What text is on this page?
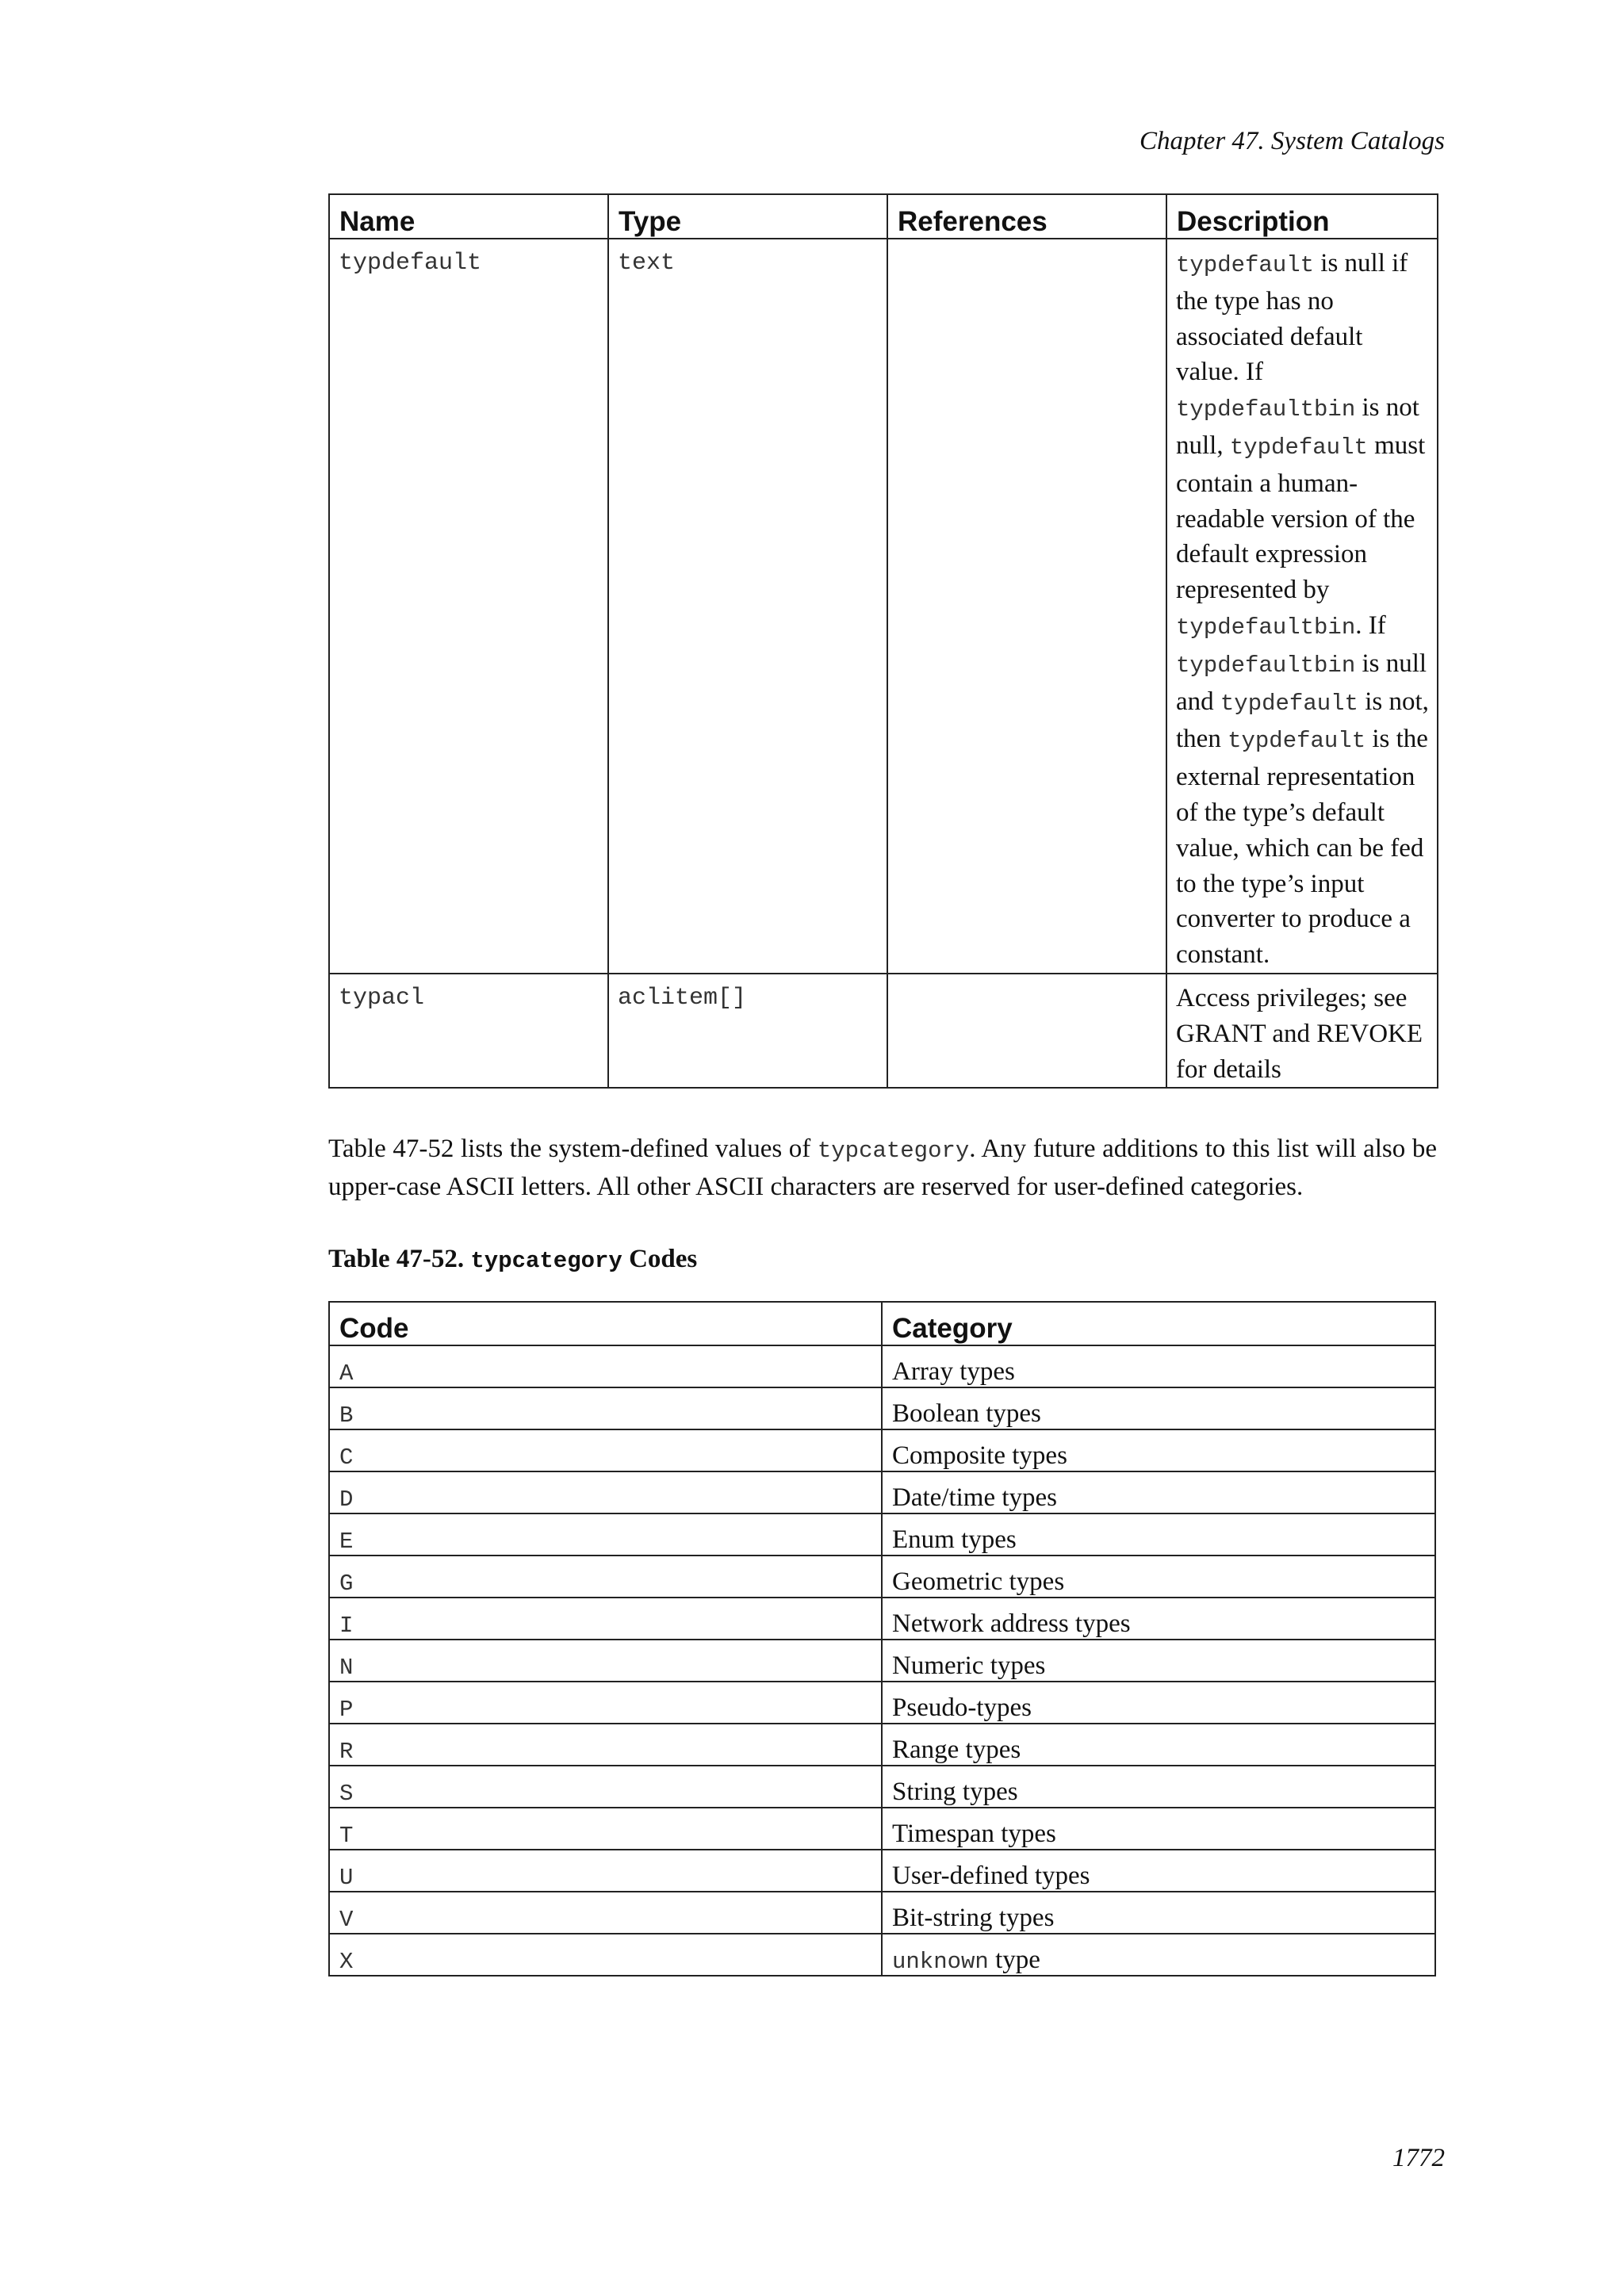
Chapter 47. System Catalogs
Name	Type	References	Description
typdefault	text		typdefault is null if the type has no associated default value. If typdefaultbin is not null, typdefault must contain a human-readable version of the default expression represented by typdefaultbin. If typdefaultbin is null and typdefault is not, then typdefault is the external representation of the type’s default value, which can be fed to the type’s input converter to produce a constant.
typacl	aclitem[]		Access privileges; see GRANT and REVOKE for details

Table 47-52 lists the system-defined values of typcategory. Any future additions to this list will also be upper-case ASCII letters. All other ASCII characters are reserved for user-defined categories.

Table 47-52. typcategory Codes
Code	Category
A	Array types
B	Boolean types
C	Composite types
D	Date/time types
E	Enum types
G	Geometric types
I	Network address types
N	Numeric types
P	Pseudo-types
R	Range types
S	String types
T	Timespan types
U	User-defined types
V	Bit-string types
X	unknown type
1772
